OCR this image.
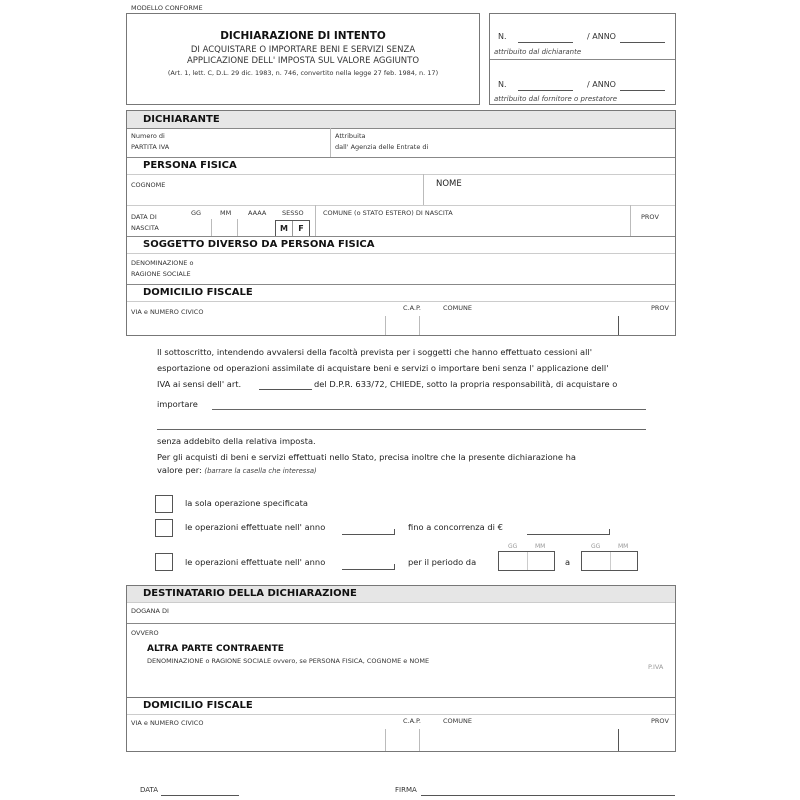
MODELLO CONFORME
DICHIARAZIONE DI INTENTO
DI ACQUISTARE O IMPORTARE BENI E SERVIZI SENZA
APPLICAZIONE DELL' IMPOSTA SUL VALORE AGGIUNTO
(Art. 1, lett. C, D.L. 29 dic. 1983, n. 746, convertito nella legge 27 feb. 1984, n. 17)
N.	/ ANNO
attribuito dal dichiarante
N.	/ ANNO
attribuito dal fornitore o prestatore
DICHIARANTE
Numero di
PARTITA IVA
Attribuita
dall' Agenzia delle Entrate di
PERSONA FISICA
COGNOME	NOME
DATA DI
NASCITA
GG	MM	AAAA SESSO
M	F
COMUNE (o STATO ESTERO) DI NASCITA	PROV
SOGGETTO DIVERSO DA PERSONA FISICA
DENOMINAZIONE o
RAGIONE SOCIALE
DOMICILIO FISCALE
VIA e NUMERO CIVICO	C.A.P.	COMUNE	PROV
Il sottoscritto, intendendo avvalersi della facoltà prevista per i soggetti che hanno effettuato cessioni all'
esportazione od operazioni assimilate di acquistare beni e servizi o importare beni senza l' applicazione dell'
IVA ai sensi dell' art.	del D.P.R. 633/72, CHIEDE, sotto la propria responsabilità, di acquistare o
importare
senza addebito della relativa imposta.
Per gli acquisti di beni e servizi effettuati nello Stato, precisa inoltre che la presente dichiarazione ha
valore per: (barrare la casella che interessa)
la sola operazione specificata
le operazioni effettuate nell' anno	fino a concorrenza di €
le operazioni effettuate nell' anno	per il periodo da
GG	MM
a
GG	MM
DESTINATARIO DELLA DICHIARAZIONE
DOGANA DI
OVVERO
ALTRA PARTE CONTRAENTE
DENOMINAZIONE o RAGIONE SOCIALE ovvero, se PERSONA FISICA, COGNOME e NOME
P.IVA
DOMICILIO FISCALE
VIA e NUMERO CIVICO	C.A.P.	COMUNE	PROV
DATA	FIRMA
